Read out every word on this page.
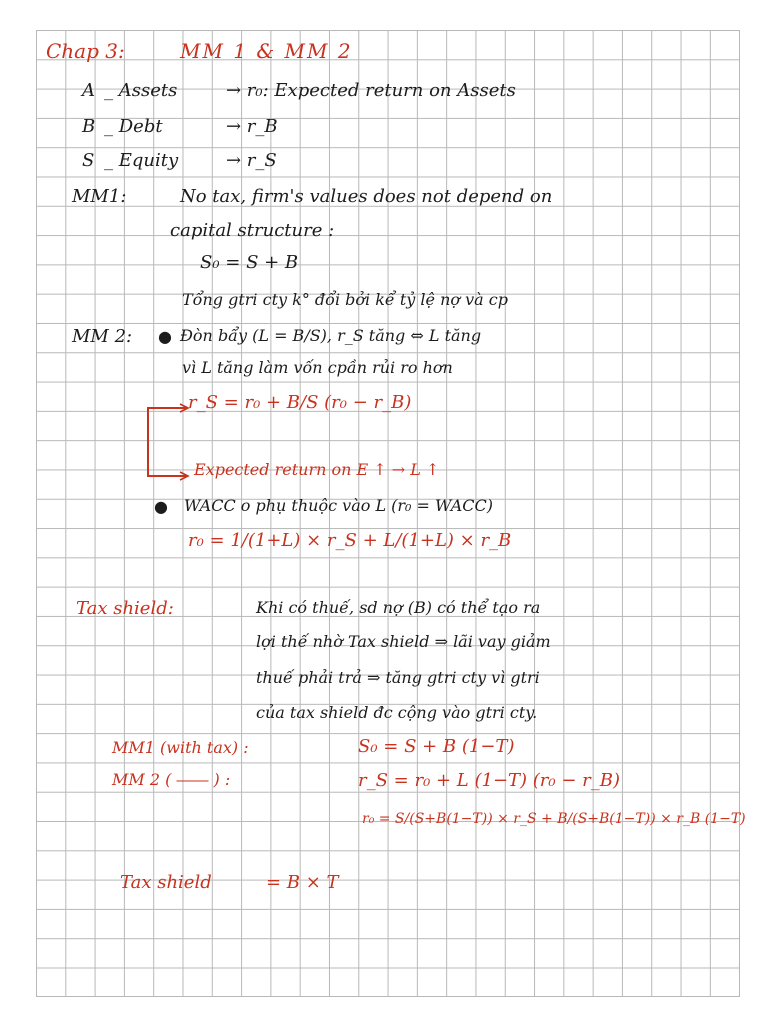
Chap 3:	MM 1 & MM 2
A _ Assets	→ r₀: Expected return on Assets
B _ Debt	→ r_B
S _ Equity	→ r_S
MM1:	No tax, firm's values does not depend on
capital structure :
S₀ = S + B
Tổng gtri cty k° đổi bởi kể tỷ lệ nợ và cp
MM 2: ● Đòn bẩy (L = B/S), r_S tăng ⇔ L tăng
vì L tăng làm vốn cpần rủi ro hơn
r_S = r₀ + B/S (r₀ − r_B)
Expected return on E ↑ → L ↑
● WACC o phụ thuộc vào L (r₀ = WACC)
r₀ = 1/(1+L) × r_S + L/(1+L) × r_B
Tax shield:	Khi có thuế, sd nợ (B) có thể tạo ra
lợi thế nhờ Tax shield ⇒ lãi vay giảm
thuế phải trả ⇒ tăng gtri cty vì gtri
của tax shield đc cộng vào gtri cty.
MM1 (with tax) :	S₀ = S + B (1−T)
MM 2 ( ―― ) :	r_S = r₀ + L (1−T) (r₀ − r_B)
r₀ = S/(S+B(1−T)) × r_S + B/(S+B(1−T)) × r_B (1−T)
Tax shield	= B × T
